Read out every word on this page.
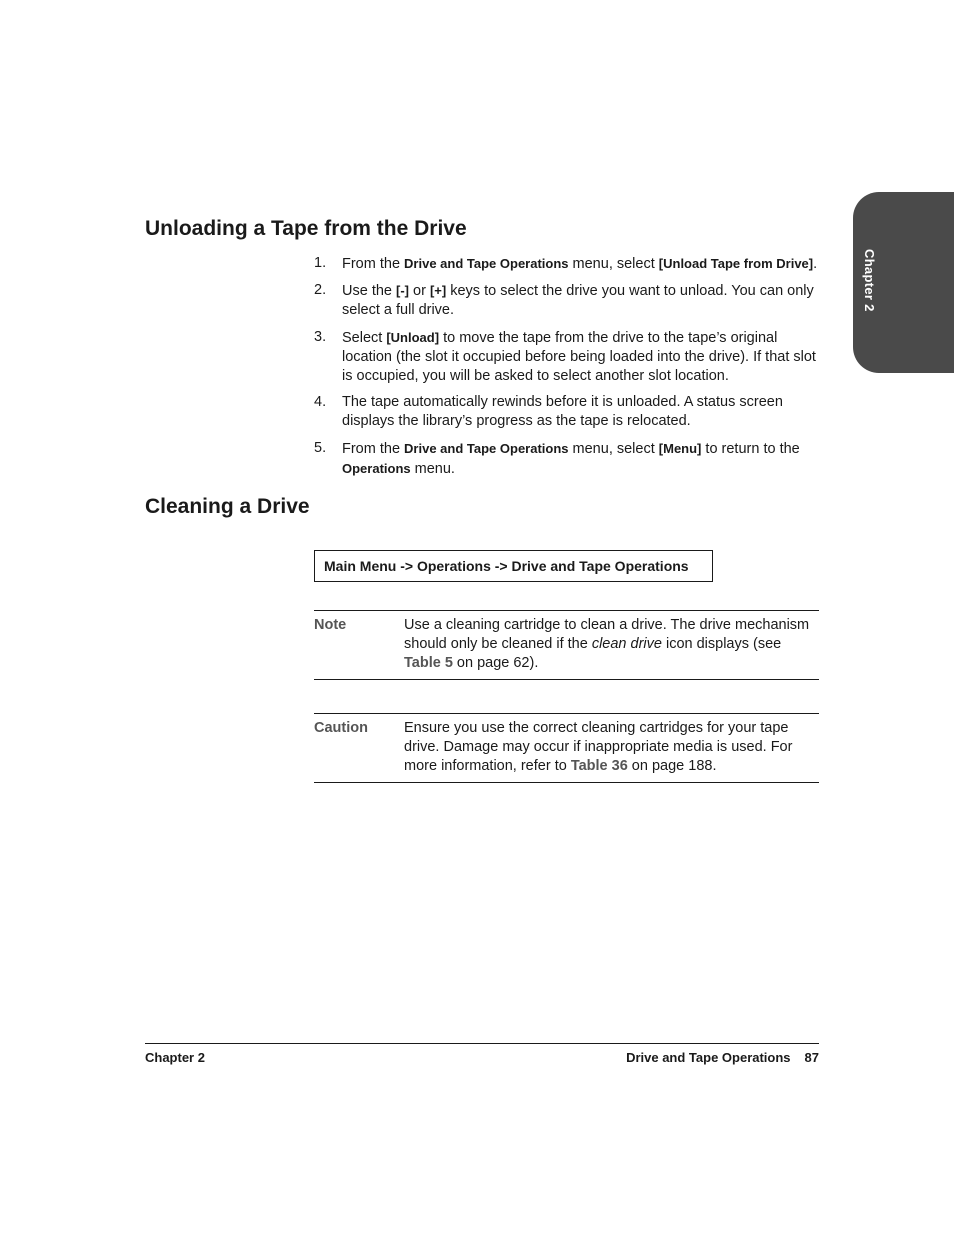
Chapter 2
Unloading a Tape from the Drive
1. From the Drive and Tape Operations menu, select [Unload Tape from Drive].
2. Use the [-] or [+] keys to select the drive you want to unload. You can only select a full drive.
3. Select [Unload] to move the tape from the drive to the tape’s original location (the slot it occupied before being loaded into the drive). If that slot is occupied, you will be asked to select another slot location.
4. The tape automatically rewinds before it is unloaded. A status screen displays the library’s progress as the tape is relocated.
5. From the Drive and Tape Operations menu, select [Menu] to return to the Operations menu.
Cleaning a Drive
Main Menu -> Operations -> Drive and Tape Operations
Note	Use a cleaning cartridge to clean a drive. The drive mechanism should only be cleaned if the clean drive icon displays (see Table 5 on page 62).
Caution Ensure you use the correct cleaning cartridges for your tape drive. Damage may occur if inappropriate media is used. For more information, refer to Table 36 on page 188.
Chapter 2	Drive and Tape Operations 87
